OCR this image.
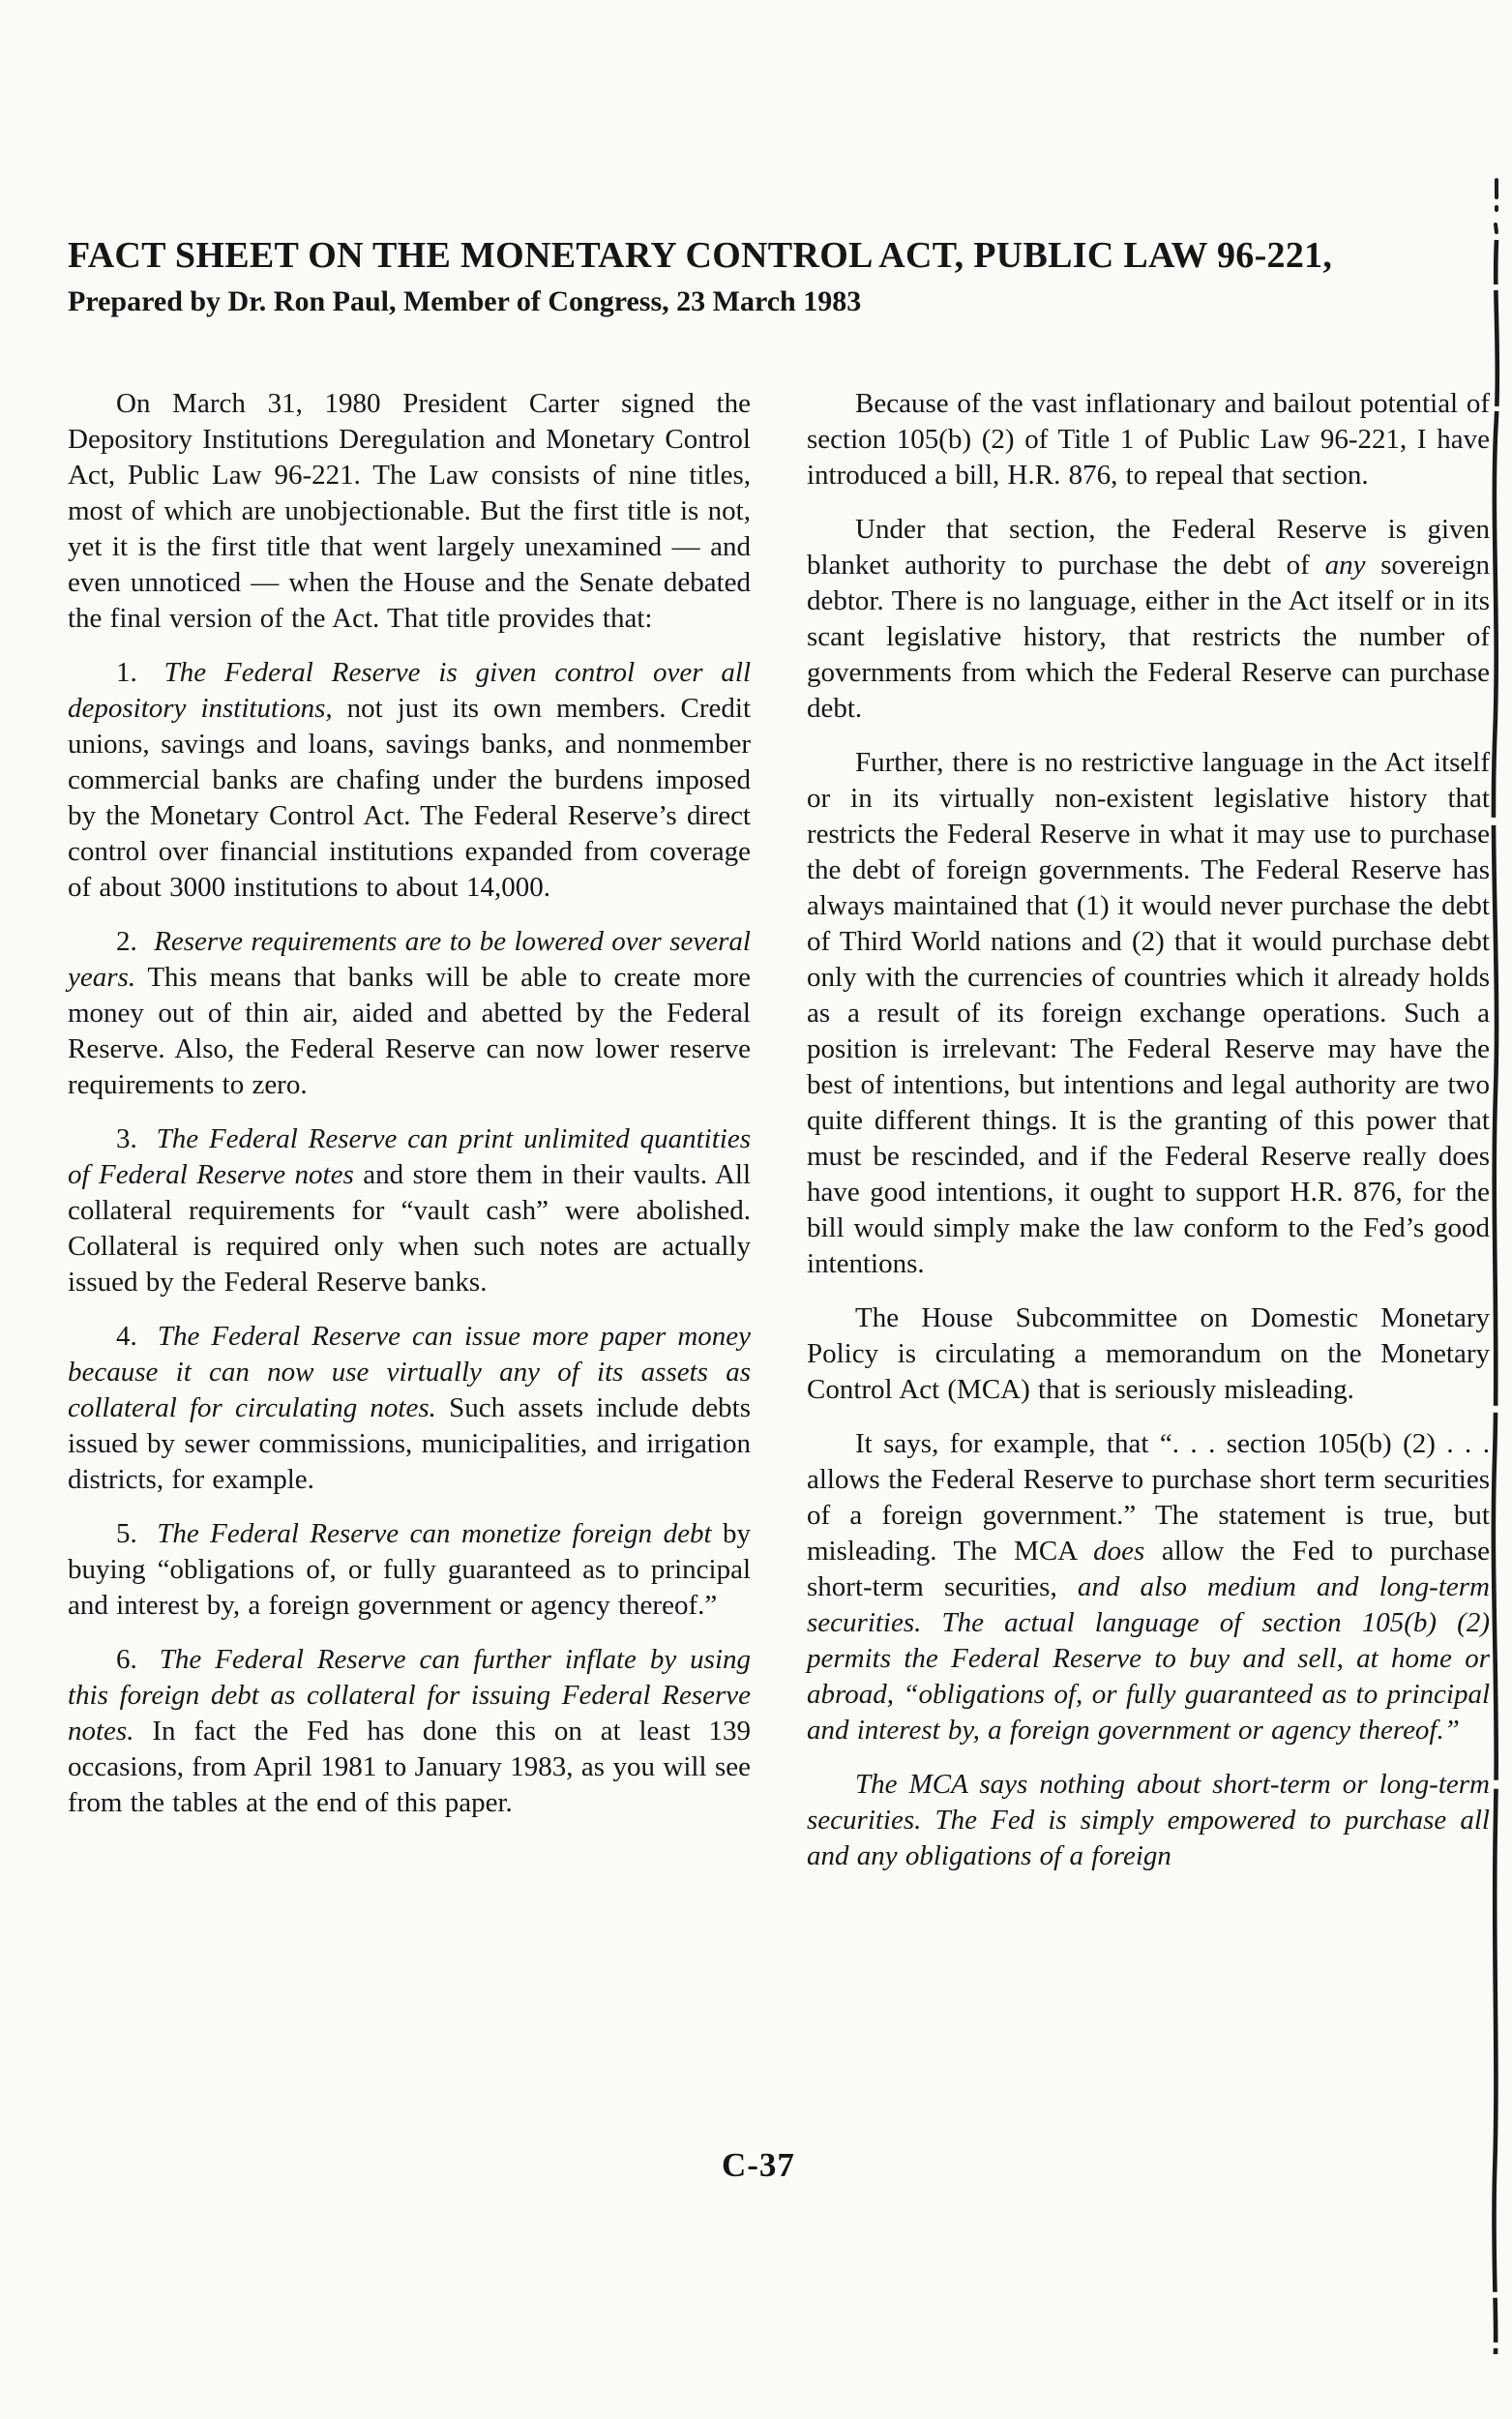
FACT SHEET ON THE MONETARY CONTROL ACT, PUBLIC LAW 96-221,
Prepared by Dr. Ron Paul, Member of Congress, 23 March 1983

On March 31, 1980 President Carter signed the Depository Institutions Deregulation and Monetary Control Act, Public Law 96-221. The Law consists of nine titles, most of which are unobjectionable. But the first title is not, yet it is the first title that went largely unexamined — and even unnoticed — when the House and the Senate debated the final version of the Act. That title provides that:

1. The Federal Reserve is given control over all depository institutions, not just its own members. Credit unions, savings and loans, savings banks, and nonmember commercial banks are chafing under the burdens imposed by the Monetary Control Act. The Federal Reserve’s direct control over financial institutions expanded from coverage of about 3000 institutions to about 14,000.

2. Reserve requirements are to be lowered over several years. This means that banks will be able to create more money out of thin air, aided and abetted by the Federal Reserve. Also, the Federal Reserve can now lower reserve requirements to zero.

3. The Federal Reserve can print unlimited quantities of Federal Reserve notes and store them in their vaults. All collateral requirements for “vault cash” were abolished. Collateral is required only when such notes are actually issued by the Federal Reserve banks.

4. The Federal Reserve can issue more paper money because it can now use virtually any of its assets as collateral for circulating notes. Such assets include debts issued by sewer commissions, municipalities, and irrigation districts, for example.

5. The Federal Reserve can monetize foreign debt by buying “obligations of, or fully guaranteed as to principal and interest by, a foreign government or agency thereof.”

6. The Federal Reserve can further inflate by using this foreign debt as collateral for issuing Federal Reserve notes. In fact the Fed has done this on at least 139 occasions, from April 1981 to January 1983, as you will see from the tables at the end of this paper.

Because of the vast inflationary and bailout potential of section 105(b) (2) of Title 1 of Public Law 96-221, I have introduced a bill, H.R. 876, to repeal that section.

Under that section, the Federal Reserve is given blanket authority to purchase the debt of any sovereign debtor. There is no language, either in the Act itself or in its scant legislative history, that restricts the number of governments from which the Federal Reserve can purchase debt.

Further, there is no restrictive language in the Act itself or in its virtually non-existent legislative history that restricts the Federal Reserve in what it may use to purchase the debt of foreign governments. The Federal Reserve has always maintained that (1) it would never purchase the debt of Third World nations and (2) that it would purchase debt only with the currencies of countries which it already holds as a result of its foreign exchange operations. Such a position is irrelevant: The Federal Reserve may have the best of intentions, but intentions and legal authority are two quite different things. It is the granting of this power that must be rescinded, and if the Federal Reserve really does have good intentions, it ought to support H.R. 876, for the bill would simply make the law conform to the Fed’s good intentions.

The House Subcommittee on Domestic Monetary Policy is circulating a memorandum on the Monetary Control Act (MCA) that is seriously misleading.

It says, for example, that “. . . section 105(b) (2) . . . allows the Federal Reserve to purchase short term securities of a foreign government.” The statement is true, but misleading. The MCA does allow the Fed to purchase short-term securities, and also medium and long-term securities. The actual language of section 105(b) (2) permits the Federal Reserve to buy and sell, at home or abroad, “obligations of, or fully guaranteed as to principal and interest by, a foreign government or agency thereof.”

The MCA says nothing about short-term or long-term securities. The Fed is simply empowered to purchase all and any obligations of a foreign

C-37
